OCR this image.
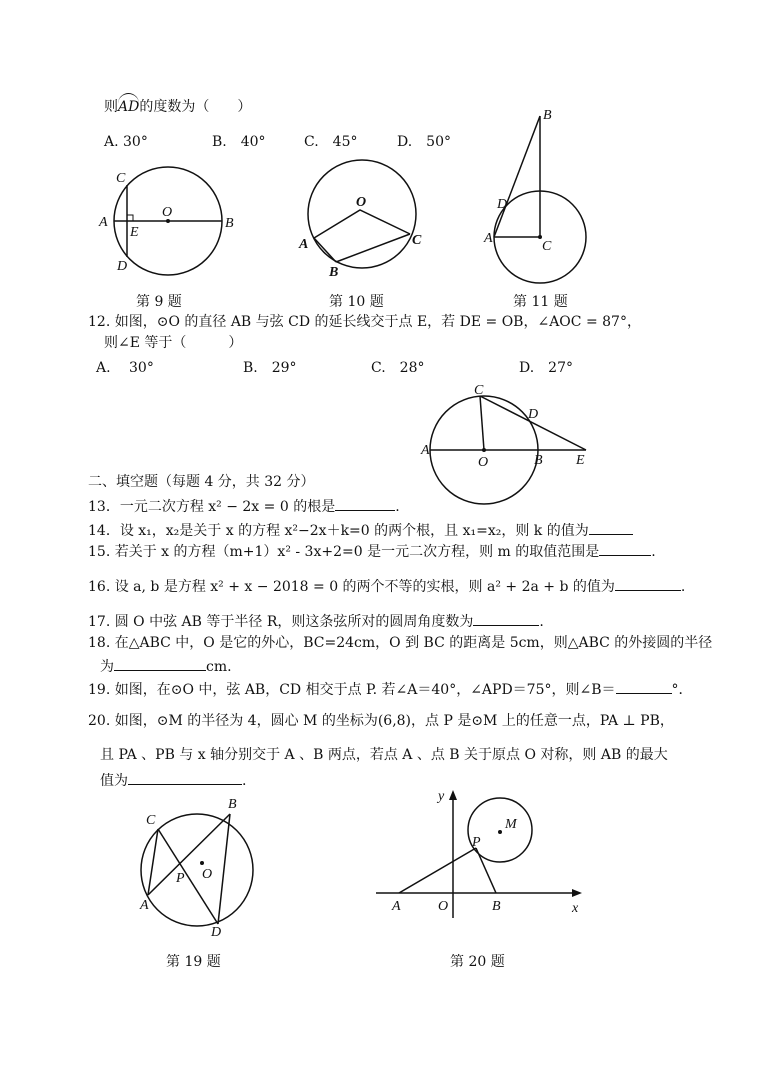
则AD的度数为（　　）
A. 30°	B.　40°	C.　45°	D.　50°
C
A
E
O
B
D
第 9 题
O
A
B
C
第 10 题
B
D
A
C
第 11 题
12. 如图，⊙O 的直径 AB 与弦 CD 的延长线交于点 E，若 DE = OB，∠AOC = 87°，
则∠E 等于（　　　）
A.　 30°	B.　29°	C.　28°	D.　27°
C
D
A
O	B E
二、填空题（每题 4 分，共 32 分）
13．一元二次方程 x² − 2x = 0 的根是	.
14．设 x₁，x₂是关于 x 的方程 x²−2x＋k=0 的两个根，且 x₁=x₂，则 k 的值为
15. 若关于 x 的方程（m+1）x² - 3x+2=0 是一元二次方程，则 m 的取值范围是	.
16. 设 a, b 是方程 x² + x − 2018 = 0 的两个不等的实根，则 a² + 2a + b 的值为	.
17. 圆 O 中弦 AB 等于半径 R，则这条弦所对的圆周角度数为	.
18. 在△ABC 中，O 是它的外心，BC=24cm，O 到 BC 的距离是 5cm，则△ABC 的外接圆的半径
为	cm.
19. 如图，在⊙O 中，弦 AB，CD 相交于点 P. 若∠A＝40°，∠APD＝75°，则∠B＝	°．
20. 如图，⊙M 的半径为 4，圆心 M 的坐标为(6,8)，点 P 是⊙M 上的任意一点，PA ⊥ PB，
且 PA 、PB 与 x 轴分别交于 A 、B 两点，若点 A 、点 B 关于原点 O 对称，则 AB 的最大
值为	.
C
B
P O
A
D
第 19 题
y
M
P
A	O	B	x
第 20 题
